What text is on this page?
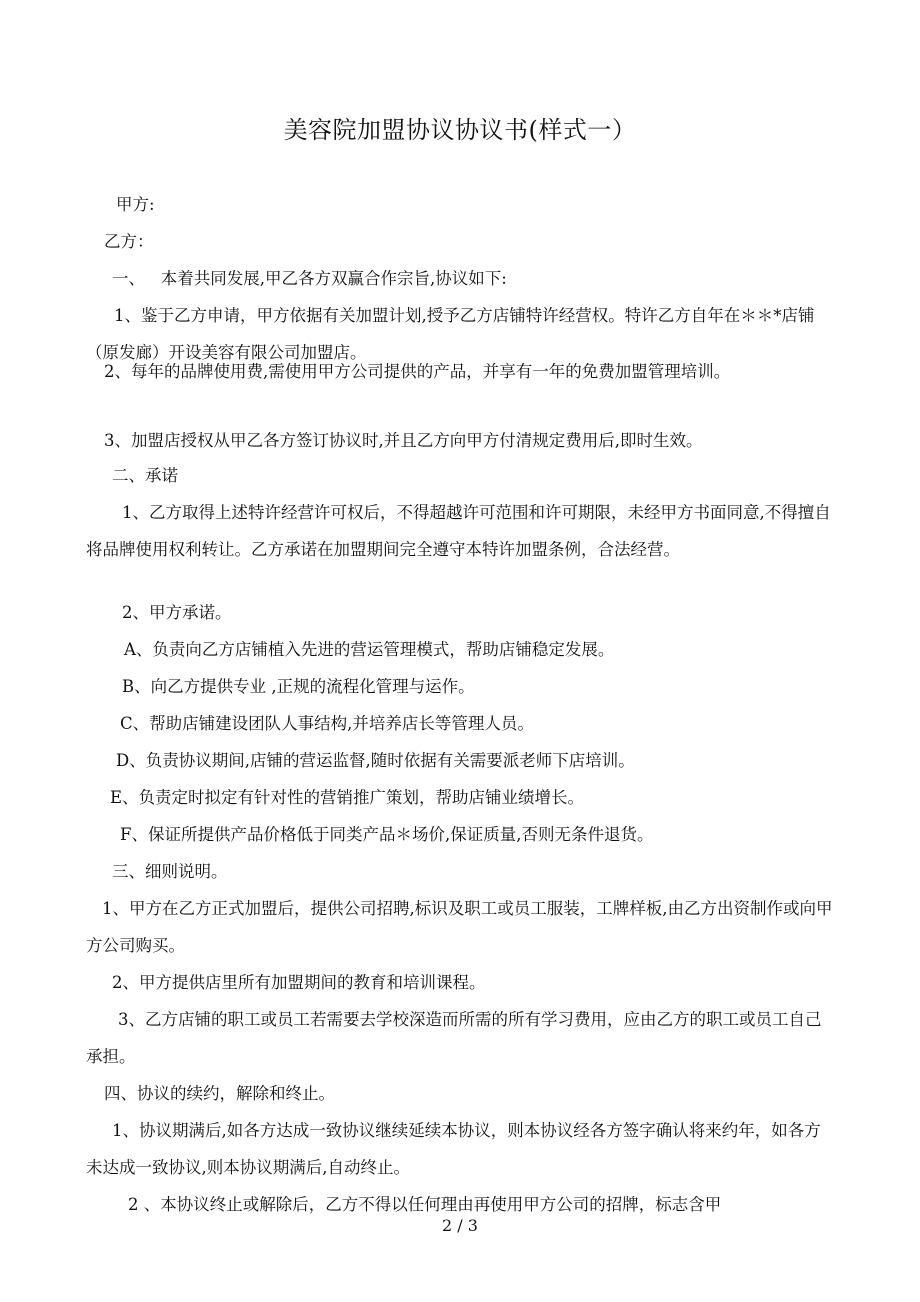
美容院加盟协议协议书(样式一）
甲方:
乙方：
一、   本着共同发展,甲乙各方双赢合作宗旨,协议如下:
1、鉴于乙方申请，甲方依据有关加盟计划,授予乙方店铺特许经营权。特许乙方自年在＊＊*店铺（原发廊）开设美容有限公司加盟店。
2、每年的品牌使用费,需使用甲方公司提供的产品，并享有一年的免费加盟管理培训。
3、加盟店授权从甲乙各方签订协议时,并且乙方向甲方付清规定费用后,即时生效。
二、承诺
1、乙方取得上述特许经营许可权后，不得超越许可范围和许可期限，未经甲方书面同意,不得擅自将品牌使用权利转让。乙方承诺在加盟期间完全遵守本特许加盟条例，合法经营。
2、甲方承诺。
A、负责向乙方店铺植入先进的营运管理模式，帮助店铺稳定发展。
B、向乙方提供专业 ,正规的流程化管理与运作。
C、帮助店铺建设团队人事结构,并培养店长等管理人员。
D、负责协议期间,店铺的营运监督,随时依据有关需要派老师下店培训。
E、负责定时拟定有针对性的营销推广策划，帮助店铺业绩增长。
F、保证所提供产品价格低于同类产品＊场价,保证质量,否则无条件退货。
三、细则说明。
1、甲方在乙方正式加盟后，提供公司招聘,标识及职工或员工服装，工牌样板,由乙方出资制作或向甲方公司购买。
2、甲方提供店里所有加盟期间的教育和培训课程。
3、乙方店铺的职工或员工若需要去学校深造而所需的所有学习费用，应由乙方的职工或员工自己承担。
四、协议的续约，解除和终止。
1、协议期满后,如各方达成一致协议继续延续本协议，则本协议经各方签字确认将来约年，如各方未达成一致协议,则本协议期满后,自动终止。
2 、本协议终止或解除后，乙方不得以任何理由再使用甲方公司的招牌，标志含甲
2 / 3
